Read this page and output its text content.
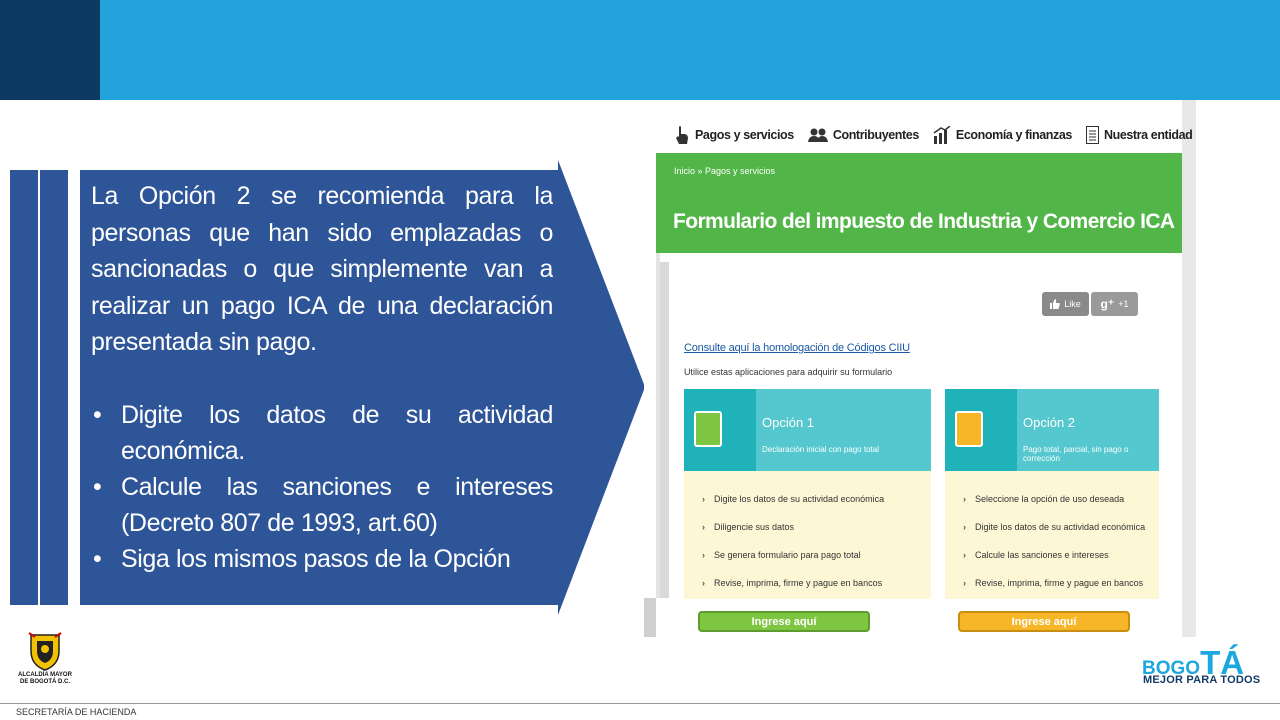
La Opción 2 se recomienda para la personas que han sido emplazadas o sancionadas o que simplemente van a realizar un pago ICA de una declaración presentada sin pago.

• Digite los datos de su actividad económica.
• Calcule las sanciones e intereses (Decreto 807 de 1993, art.60)
• Siga los mismos pasos de la Opción
Pagos y servicios	Contribuyentes	Economía y finanzas	Nuestra entidad
Inicio » Pagos y servicios
Formulario del impuesto de Industria y Comercio ICA
Like g⁺ +1
Consulte aquí la homologación de Códigos CIIU
Utilice estas aplicaciones para adquirir su formulario
Opción 1
Declaración inicial con pago total
›	Digite los datos de su actividad económica
›	Diligencie sus datos
›	Se genera formulario para pago total
›	Revise, imprima, firme y pague en bancos
Opción 2
Pago total, parcial, sin pago o corrección
›	Seleccione la opción de uso deseada
›	Digite los datos de su actividad económica
›	Calcule las sanciones e intereses
›	Revise, imprima, firme y pague en bancos
Ingrese aquí	Ingrese aquí
ALCALDÍA MAYOR
DE BOGOTÁ D.C.
SECRETARÍA DE HACIENDA
BOGOTÁ
MEJOR PARA TODOS
